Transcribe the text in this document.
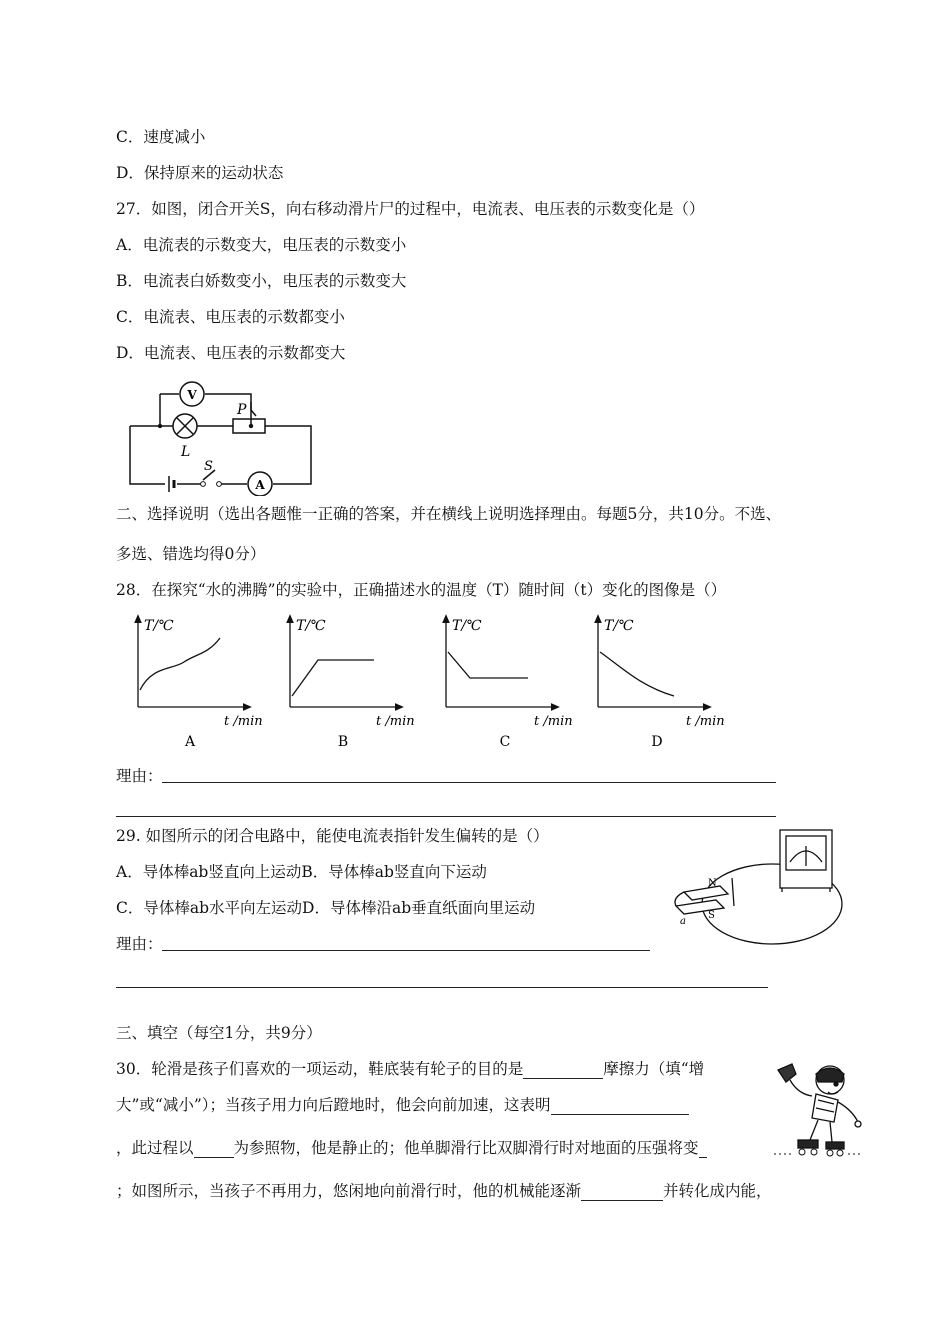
C．速度减小
D．保持原来的运动状态
27．如图，闭合开关S，向右移动滑片尸的过程中，电流表、电压表的示数变化是（）
A．电流表的示数变大，电压表的示数变小
B．电流表白娇数变小，电压表的示数变大
C．电流表、电压表的示数都变小
D．电流表、电压表的示数都变大
V
A
P
L
S
二、选择说明（选出各题惟一正确的答案，并在横线上说明选择理由。每题5分，共10分。不选、
多选、错选均得0分）
28．在探究“水的沸腾”的实验中，正确描述水的温度（T）随时间（t）变化的图像是（）
T/℃	T/℃	T/℃	T/℃
t /min	t /min	t /min	t /min
A	B	C	D
理由：
29. 如图所示的闭合电路中，能使电流表指针发生偏转的是（）
A．导体棒ab竖直向上运动B．导体棒ab竖直向下运动
C．导体棒ab水平向左运动D．导体棒沿ab垂直纸面向里运动
理由：
N
S
a
三、填空（每空1分，共9分）
30．轮滑是孩子们喜欢的一项运动，鞋底装有轮子的目的是	摩擦力（填“增
大”或“减小”）；当孩子用力向后蹬地时，他会向前加速，这表明
，此过程以	为参照物，他是静止的；他单脚滑行比双脚滑行时对地面的压强将变
；如图所示，当孩子不再用力，悠闲地向前滑行时，他的机械能逐渐	并转化成内能，
